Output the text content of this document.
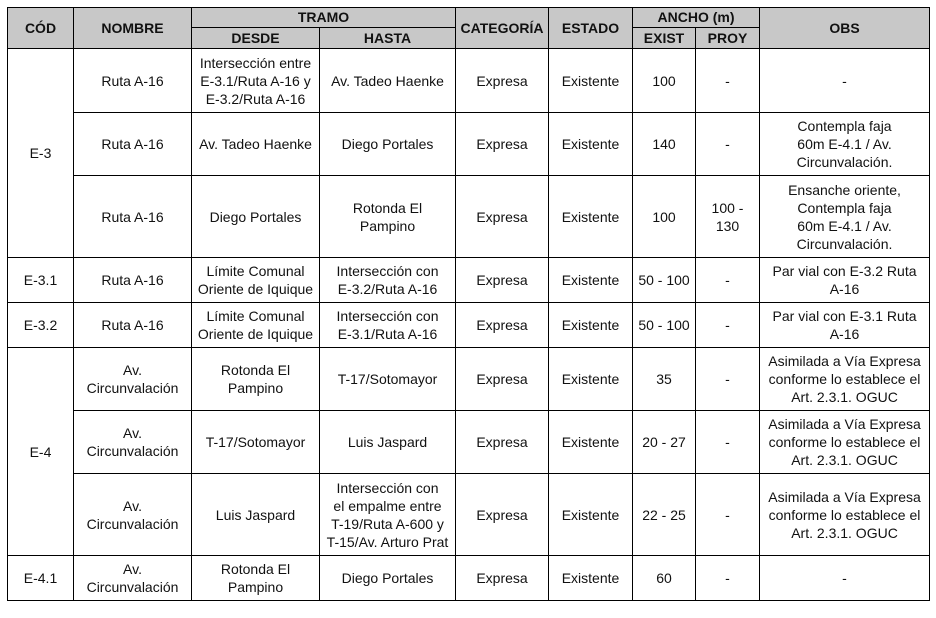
CÓD	NOMBRE	TRAMO		CATEGORÍA	ESTADO	ANCHO (m)		OBS
		DESDE	HASTA			EXIST	PROY	
E-3	Ruta A-16	Intersección entre
E-3.1/Ruta A-16 y
E-3.2/Ruta A-16	Av. Tadeo Haenke	Expresa	Existente	100	-	-
	Ruta A-16	Av. Tadeo Haenke	Diego Portales	Expresa	Existente	140	-	Contempla faja
60m E-4.1 / Av.
Circunvalación.
	Ruta A-16	Diego Portales	Rotonda El
Pampino	Expresa	Existente	100	100 -
130	Ensanche oriente,
Contempla faja
60m E-4.1 / Av.
Circunvalación.
E-3.1	Ruta A-16	Límite Comunal
Oriente de Iquique	Intersección con
E-3.2/Ruta A-16	Expresa	Existente	50 - 100	-	Par vial con E-3.2 Ruta
A-16
E-3.2	Ruta A-16	Límite Comunal
Oriente de Iquique	Intersección con
E-3.1/Ruta A-16	Expresa	Existente	50 - 100	-	Par vial con E-3.1 Ruta
A-16
E-4	Av.
Circunvalación	Rotonda El
Pampino	T-17/Sotomayor	Expresa	Existente	35	-	Asimilada a Vía Expresa
conforme lo establece el
Art. 2.3.1. OGUC
	Av.
Circunvalación	T-17/Sotomayor	Luis Jaspard	Expresa	Existente	20 - 27	-	Asimilada a Vía Expresa
conforme lo establece el
Art. 2.3.1. OGUC
	Av.
Circunvalación	Luis Jaspard	Intersección con
el empalme entre
T-19/Ruta A-600 y
T-15/Av. Arturo Prat	Expresa	Existente	22 - 25	-	Asimilada a Vía Expresa
conforme lo establece el
Art. 2.3.1. OGUC
E-4.1	Av.
Circunvalación	Rotonda El
Pampino	Diego Portales	Expresa	Existente	60	-	-
